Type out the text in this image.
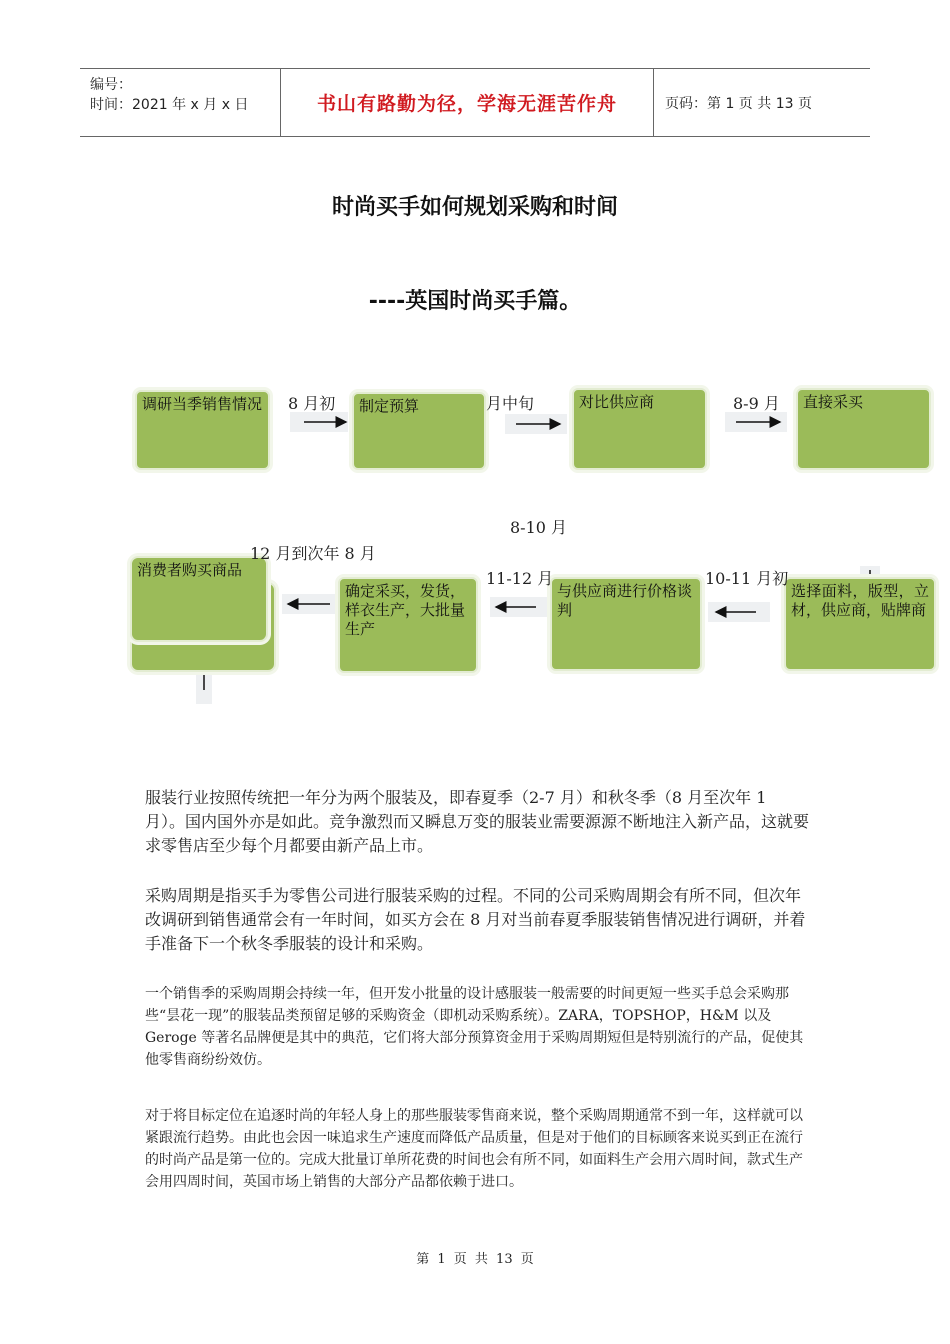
编号：
时间：2021 年 x 月 x 日	书山有路勤为径，学海无涯苦作舟	页码：第 1 页 共 13 页
时尚买手如何规划采购和时间
----英国时尚买手篇。
调研当季销售情况	制定预算	对比供应商	直接采买
选择面料，版型，立材，供应商，贴牌商
与供应商进行价格谈判
确定采买，发货，样衣生产，大批量生产
消费者购买商品
8 月初	月中旬	8-9 月
8-10 月
12 月到次年 8 月
11-12 月	10-11 月初
服装行业按照传统把一年分为两个服装及，即春夏季（2-7 月）和秋冬季（8 月至次年 1 月）。国内国外亦是如此。竞争激烈而又瞬息万变的服装业需要源源不断地注入新产品，这就要求零售店至少每个月都要由新产品上市。
采购周期是指买手为零售公司进行服装采购的过程。不同的公司采购周期会有所不同，但次年改调研到销售通常会有一年时间，如买方会在 8 月对当前春夏季服装销售情况进行调研，并着手准备下一个秋冬季服装的设计和采购。
一个销售季的采购周期会持续一年，但开发小批量的设计感服装一般需要的时间更短一些买手总会采购那些“昙花一现”的服装品类预留足够的采购资金（即机动采购系统）。ZARA，TOPSHOP，H&M 以及 Geroge 等著名品牌便是其中的典范，它们将大部分预算资金用于采购周期短但是特别流行的产品，促使其他零售商纷纷效仿。
对于将目标定位在追逐时尚的年轻人身上的那些服装零售商来说，整个采购周期通常不到一年，这样就可以紧跟流行趋势。由此也会因一味追求生产速度而降低产品质量，但是对于他们的目标顾客来说买到正在流行的时尚产品是第一位的。完成大批量订单所花费的时间也会有所不同，如面料生产会用六周时间，款式生产会用四周时间，英国市场上销售的大部分产品都依赖于进口。
第 1 页 共 13 页
